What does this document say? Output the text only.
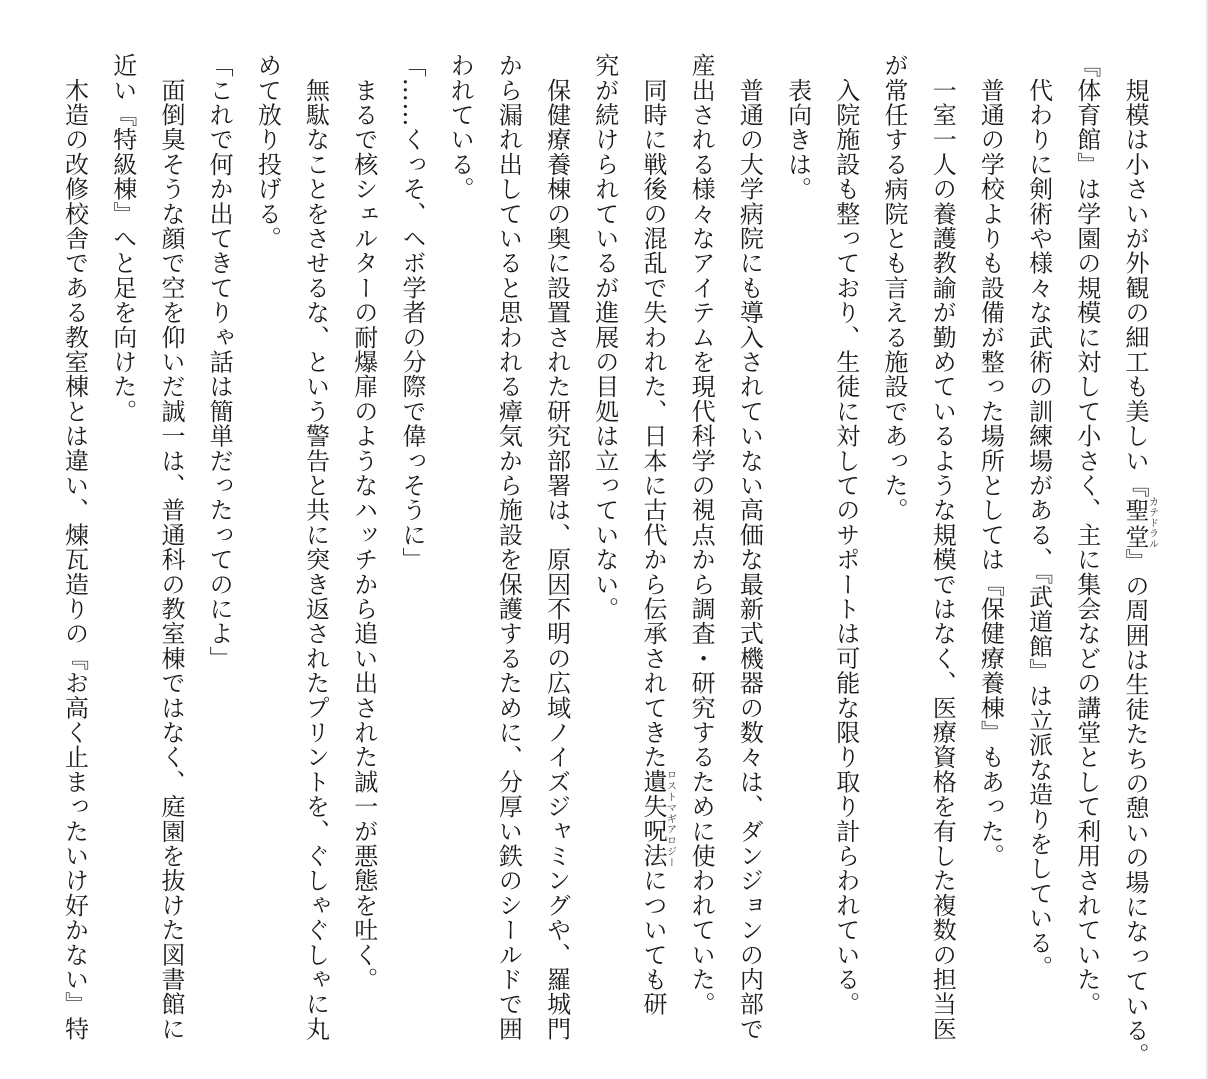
　規模は小さいが外観の細工も美しい『聖堂カテドラル』の周囲は生徒たちの憩いの場になっている。
『体育館』は学園の規模に対して小さく、主に集会などの講堂として利用されていた。
　代わりに剣術や様々な武術の訓練場がある、『武道館』は立派な造りをしている。
　普通の学校よりも設備が整った場所としては『保健療養棟』もあった。
　一室一人の養護教諭が勤めているような規模ではなく、医療資格を有した複数の担当医
が常任する病院とも言える施設であった。
　入院施設も整っており、生徒に対してのサポートは可能な限り取り計らわれている。
　表向きは。
　普通の大学病院にも導入されていない高価な最新式機器の数々は、ダンジョンの内部で
産出される様々なアイテムを現代科学の視点から調査・研究するために使われていた。
　同時に戦後の混乱で失われた、日本に古代から伝承されてきた遺失呪法ロストマギアロジーについても研
究が続けられているが進展の目処は立っていない。
　保健療養棟の奥に設置された研究部署は、原因不明の広域ノイズジャミングや、羅城門
から漏れ出していると思われる瘴気から施設を保護するために、分厚い鉄のシールドで囲
われている。
「……くっそ、ヘボ学者の分際で偉っそうに」
　まるで核シェルターの耐爆扉のようなハッチから追い出された誠一が悪態を吐く。
　無駄なことをさせるな、という警告と共に突き返されたプリントを、ぐしゃぐしゃに丸
めて放り投げる。
「これで何か出てきてりゃ話は簡単だったってのによ」
　面倒臭そうな顔で空を仰いだ誠一は、普通科の教室棟ではなく、庭園を抜けた図書館に
近い『特級棟』へと足を向けた。
　木造の改修校舎である教室棟とは違い、煉瓦造りの『お高く止まったいけ好かない』特
